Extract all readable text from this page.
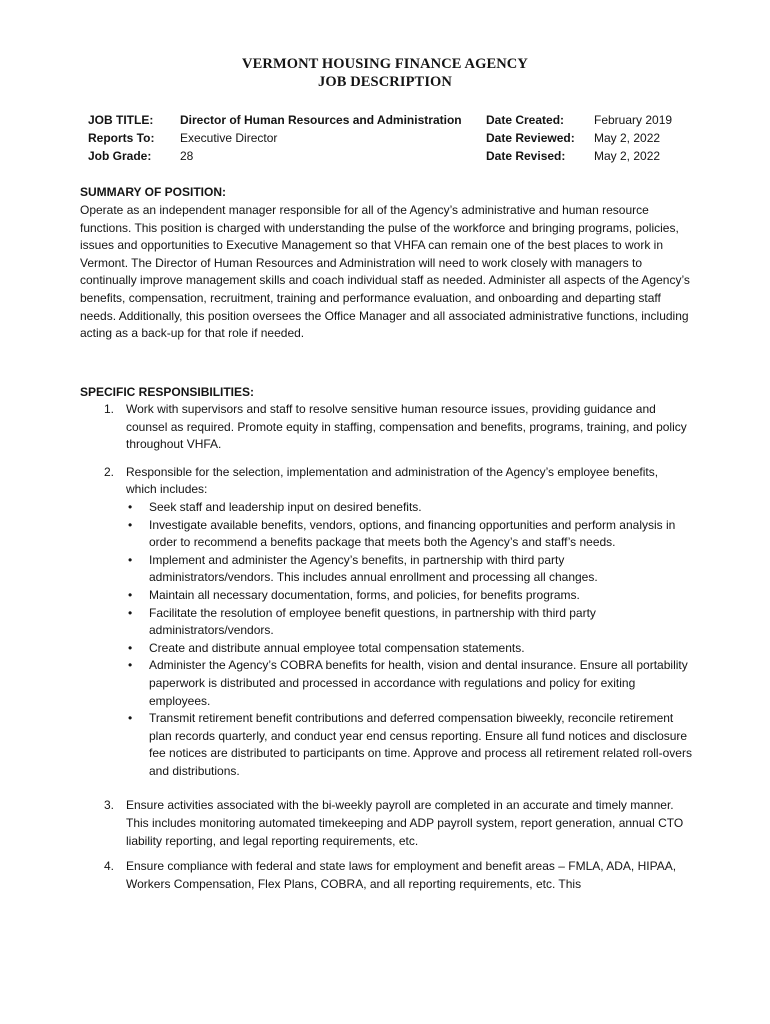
VERMONT HOUSING FINANCE AGENCY
JOB DESCRIPTION
JOB TITLE:
Reports To:
Job Grade:
Director of Human Resources and Administration
Executive Director
28
Date Created:
Date Reviewed:
Date Revised:
February 2019
May 2, 2022
May 2, 2022
SUMMARY OF POSITION:
Operate as an independent manager responsible for all of the Agency’s administrative and human resource functions. This position is charged with understanding the pulse of the workforce and bringing programs, policies, issues and opportunities to Executive Management so that VHFA can remain one of the best places to work in Vermont. The Director of Human Resources and Administration will need to work closely with managers to continually improve management skills and coach individual staff as needed. Administer all aspects of the Agency’s benefits, compensation, recruitment, training and performance evaluation, and onboarding and departing staff needs. Additionally, this position oversees the Office Manager and all associated administrative functions, including acting as a back-up for that role if needed.
SPECIFIC RESPONSIBILITIES:
1. Work with supervisors and staff to resolve sensitive human resource issues, providing guidance and counsel as required. Promote equity in staffing, compensation and benefits, programs, training, and policy throughout VHFA.
2. Responsible for the selection, implementation and administration of the Agency’s employee benefits, which includes:
• Seek staff and leadership input on desired benefits.
• Investigate available benefits, vendors, options, and financing opportunities and perform analysis in order to recommend a benefits package that meets both the Agency’s and staff’s needs.
• Implement and administer the Agency’s benefits, in partnership with third party administrators/vendors. This includes annual enrollment and processing all changes.
• Maintain all necessary documentation, forms, and policies, for benefits programs.
• Facilitate the resolution of employee benefit questions, in partnership with third party administrators/vendors.
• Create and distribute annual employee total compensation statements.
• Administer the Agency’s COBRA benefits for health, vision and dental insurance. Ensure all portability paperwork is distributed and processed in accordance with regulations and policy for exiting employees.
• Transmit retirement benefit contributions and deferred compensation biweekly, reconcile retirement plan records quarterly, and conduct year end census reporting. Ensure all fund notices and disclosure fee notices are distributed to participants on time. Approve and process all retirement related roll-overs and distributions.
3. Ensure activities associated with the bi-weekly payroll are completed in an accurate and timely manner. This includes monitoring automated timekeeping and ADP payroll system, report generation, annual CTO liability reporting, and legal reporting requirements, etc.
4. Ensure compliance with federal and state laws for employment and benefit areas – FMLA, ADA, HIPAA, Workers Compensation, Flex Plans, COBRA, and all reporting requirements, etc. This
